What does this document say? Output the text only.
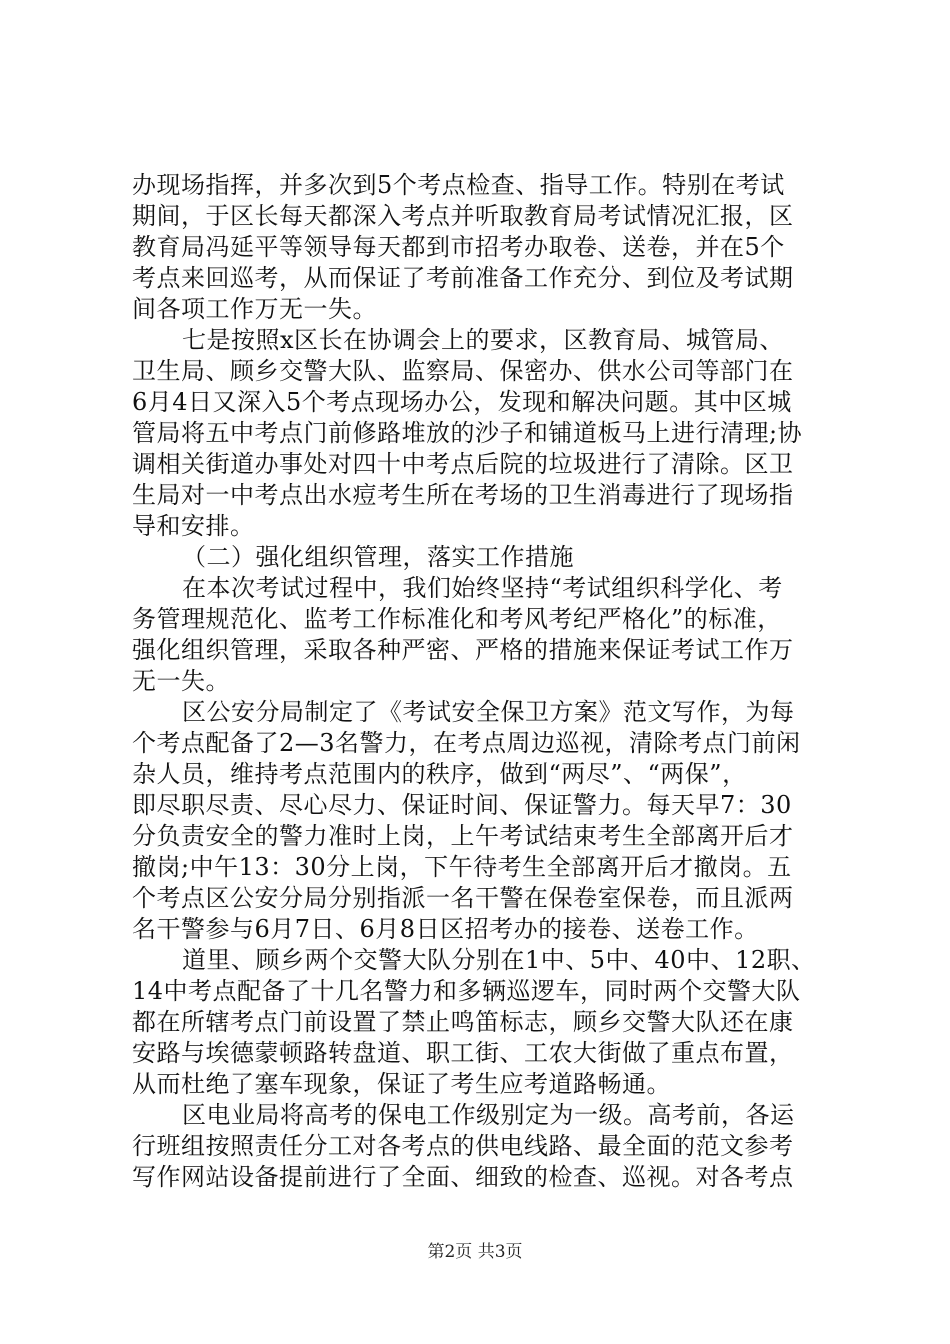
办现场指挥，并多次到5个考点检查、指导工作。特别在考试
期间，于区长每天都深入考点并听取教育局考试情况汇报，区
教育局冯延平等领导每天都到市招考办取卷、送卷，并在5个
考点来回巡考，从而保证了考前准备工作充分、到位及考试期
间各项工作万无一失。
七是按照x区长在协调会上的要求，区教育局、城管局、
卫生局、顾乡交警大队、监察局、保密办、供水公司等部门在
6月4日又深入5个考点现场办公，发现和解决问题。其中区城
管局将五中考点门前修路堆放的沙子和铺道板马上进行清理;协
调相关街道办事处对四十中考点后院的垃圾进行了清除。区卫
生局对一中考点出水痘考生所在考场的卫生消毒进行了现场指
导和安排。
（二）强化组织管理，落实工作措施
在本次考试过程中，我们始终坚持“考试组织科学化、考
务管理规范化、监考工作标准化和考风考纪严格化”的标准，
强化组织管理，采取各种严密、严格的措施来保证考试工作万
无一失。
区公安分局制定了《考试安全保卫方案》范文写作，为每
个考点配备了2—3名警力，在考点周边巡视，清除考点门前闲
杂人员，维持考点范围内的秩序，做到“两尽”、“两保”，
即尽职尽责、尽心尽力、保证时间、保证警力。每天早7：30
分负责安全的警力准时上岗，上午考试结束考生全部离开后才
撤岗;中午13：30分上岗，下午待考生全部离开后才撤岗。五
个考点区公安分局分别指派一名干警在保卷室保卷，而且派两
名干警参与6月7日、6月8日区招考办的接卷、送卷工作。
道里、顾乡两个交警大队分别在1中、5中、40中、12职、
14中考点配备了十几名警力和多辆巡逻车，同时两个交警大队
都在所辖考点门前设置了禁止鸣笛标志，顾乡交警大队还在康
安路与埃德蒙顿路转盘道、职工街、工农大街做了重点布置，
从而杜绝了塞车现象，保证了考生应考道路畅通。
区电业局将高考的保电工作级别定为一级。高考前，各运
行班组按照责任分工对各考点的供电线路、最全面的范文参考
写作网站设备提前进行了全面、细致的检查、巡视。对各考点
第2页 共3页
